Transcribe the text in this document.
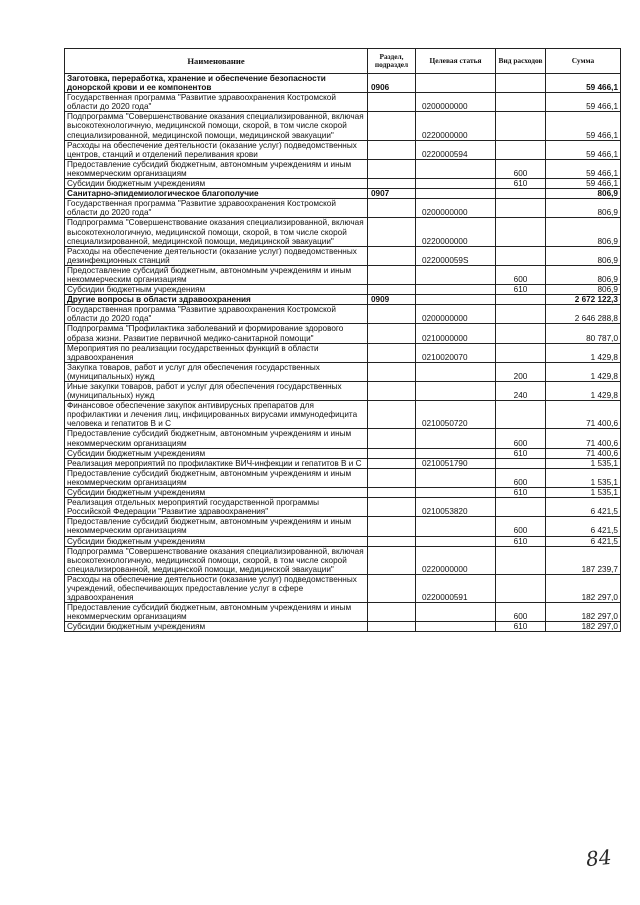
Наименование	Раздел, подраздел	Целевая статья	Вид расходов	Сумма
Заготовка, переработка, хранение и обеспечение безопасности донорской крови и ее компонентов	0906			59 466,1
Государственная программа "Развитие здравоохранения Костромской области до 2020 года"		0200000000		59 466,1
Подпрограмма "Совершенствование оказания специализированной, включая высокотехнологичную, медицинской помощи, скорой, в том числе скорой специализированной, медицинской помощи, медицинской эвакуации"		0220000000		59 466,1
Расходы на обеспечение деятельности (оказание услуг) подведомственных центров, станций и отделений переливания крови		0220000594		59 466,1
Предоставление субсидий бюджетным, автономным учреждениям и иным некоммерческим организациям			600	59 466,1
Субсидии бюджетным учреждениям			610	59 466,1
Санитарно-эпидемиологическое благополучие	0907			806,9
Государственная программа "Развитие здравоохранения Костромской области до 2020 года"		0200000000		806,9
Подпрограмма "Совершенствование оказания специализированной, включая высокотехнологичную, медицинской помощи, скорой, в том числе скорой специализированной, медицинской помощи, медицинской эвакуации"		0220000000		806,9
Расходы на обеспечение деятельности (оказание услуг) подведомственных дезинфекционных станций		022000059S		806,9
Предоставление субсидий бюджетным, автономным учреждениям и иным некоммерческим организациям			600	806,9
Субсидии бюджетным учреждениям			610	806,9
Другие вопросы в области здравоохранения	0909			2 672 122,3
Государственная программа "Развитие здравоохранения Костромской области до 2020 года"		0200000000		2 646 288,8
Подпрограмма "Профилактика заболеваний и формирование здорового образа жизни. Развитие первичной медико-санитарной помощи"		0210000000		80 787,0
Мероприятия по реализации государственных функций в области здравоохранения		0210020070		1 429,8
Закупка товаров, работ и услуг для обеспечения государственных (муниципальных) нужд			200	1 429,8
Иные закупки товаров, работ и услуг для обеспечения государственных (муниципальных) нужд			240	1 429,8
Финансовое обеспечение закупок антивирусных препаратов для профилактики и лечения лиц, инфицированных вирусами иммунодефицита человека и гепатитов В и С		0210050720		71 400,6
Предоставление субсидий бюджетным, автономным учреждениям и иным некоммерческим организациям			600	71 400,6
Субсидии бюджетным учреждениям			610	71 400,6
Реализация мероприятий по профилактике ВИЧ-инфекции и гепатитов В и С		0210051790		1 535,1
Предоставление субсидий бюджетным, автономным учреждениям и иным некоммерческим организациям			600	1 535,1
Субсидии бюджетным учреждениям			610	1 535,1
Реализация отдельных мероприятий государственной программы Российской Федерации "Развитие здравоохранения"		0210053820		6 421,5
Предоставление субсидий бюджетным, автономным учреждениям и иным некоммерческим организациям			600	6 421,5
Субсидии бюджетным учреждениям			610	6 421,5
Подпрограмма "Совершенствование оказания специализированной, включая высокотехнологичную, медицинской помощи, скорой, в том числе скорой специализированной, медицинской помощи, медицинской эвакуации"		0220000000		187 239,7
Расходы на обеспечение деятельности (оказание услуг) подведомственных учреждений, обеспечивающих предоставление услуг в сфере здравоохранения		0220000591		182 297,0
Предоставление субсидий бюджетным, автономным учреждениям и иным некоммерческим организациям			600	182 297,0
Субсидии бюджетным учреждениям			610	182 297,0
84
